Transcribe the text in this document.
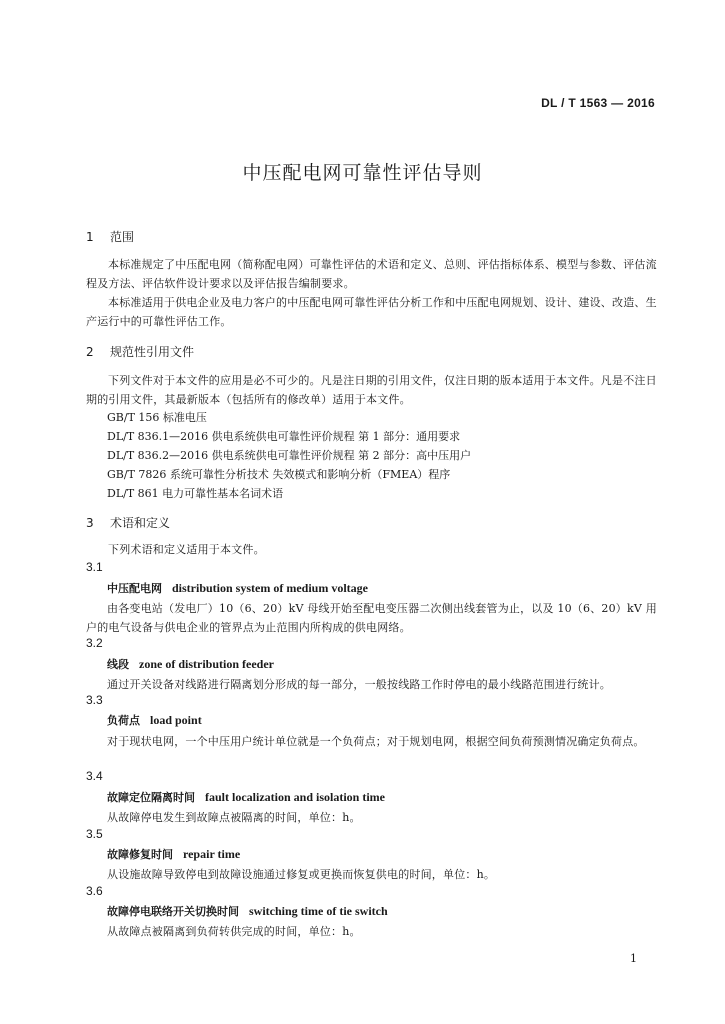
DL / T 1563 — 2016
中压配电网可靠性评估导则
1 范围
本标准规定了中压配电网（简称配电网）可靠性评估的术语和定义、总则、评估指标体系、模型与参数、评估流程及方法、评估软件设计要求以及评估报告编制要求。
本标准适用于供电企业及电力客户的中压配电网可靠性评估分析工作和中压配电网规划、设计、建设、改造、生产运行中的可靠性评估工作。
2 规范性引用文件
下列文件对于本文件的应用是必不可少的。凡是注日期的引用文件，仅注日期的版本适用于本文件。凡是不注日期的引用文件，其最新版本（包括所有的修改单）适用于本文件。
GB/T 156 标准电压
DL/T 836.1—2016 供电系统供电可靠性评价规程 第 1 部分：通用要求
DL/T 836.2—2016 供电系统供电可靠性评价规程 第 2 部分：高中压用户
GB/T 7826 系统可靠性分析技术 失效模式和影响分析（FMEA）程序
DL/T 861 电力可靠性基本名词术语
3 术语和定义
下列术语和定义适用于本文件。
3.1
中压配电网 distribution system of medium voltage
由各变电站（发电厂）10（6、20）kV 母线开始至配电变压器二次侧出线套管为止，以及 10（6、20）kV 用户的电气设备与供电企业的管界点为止范围内所构成的供电网络。
3.2
线段 zone of distribution feeder
通过开关设备对线路进行隔离划分形成的每一部分，一般按线路工作时停电的最小线路范围进行统计。
3.3
负荷点 load point
对于现状电网，一个中压用户统计单位就是一个负荷点；对于规划电网，根据空间负荷预测情况确定负荷点。
3.4
故障定位隔离时间 fault localization and isolation time
从故障停电发生到故障点被隔离的时间，单位：h。
3.5
故障修复时间 repair time
从设施故障导致停电到故障设施通过修复或更换而恢复供电的时间，单位：h。
3.6
故障停电联络开关切换时间 switching time of tie switch
从故障点被隔离到负荷转供完成的时间，单位：h。
1
